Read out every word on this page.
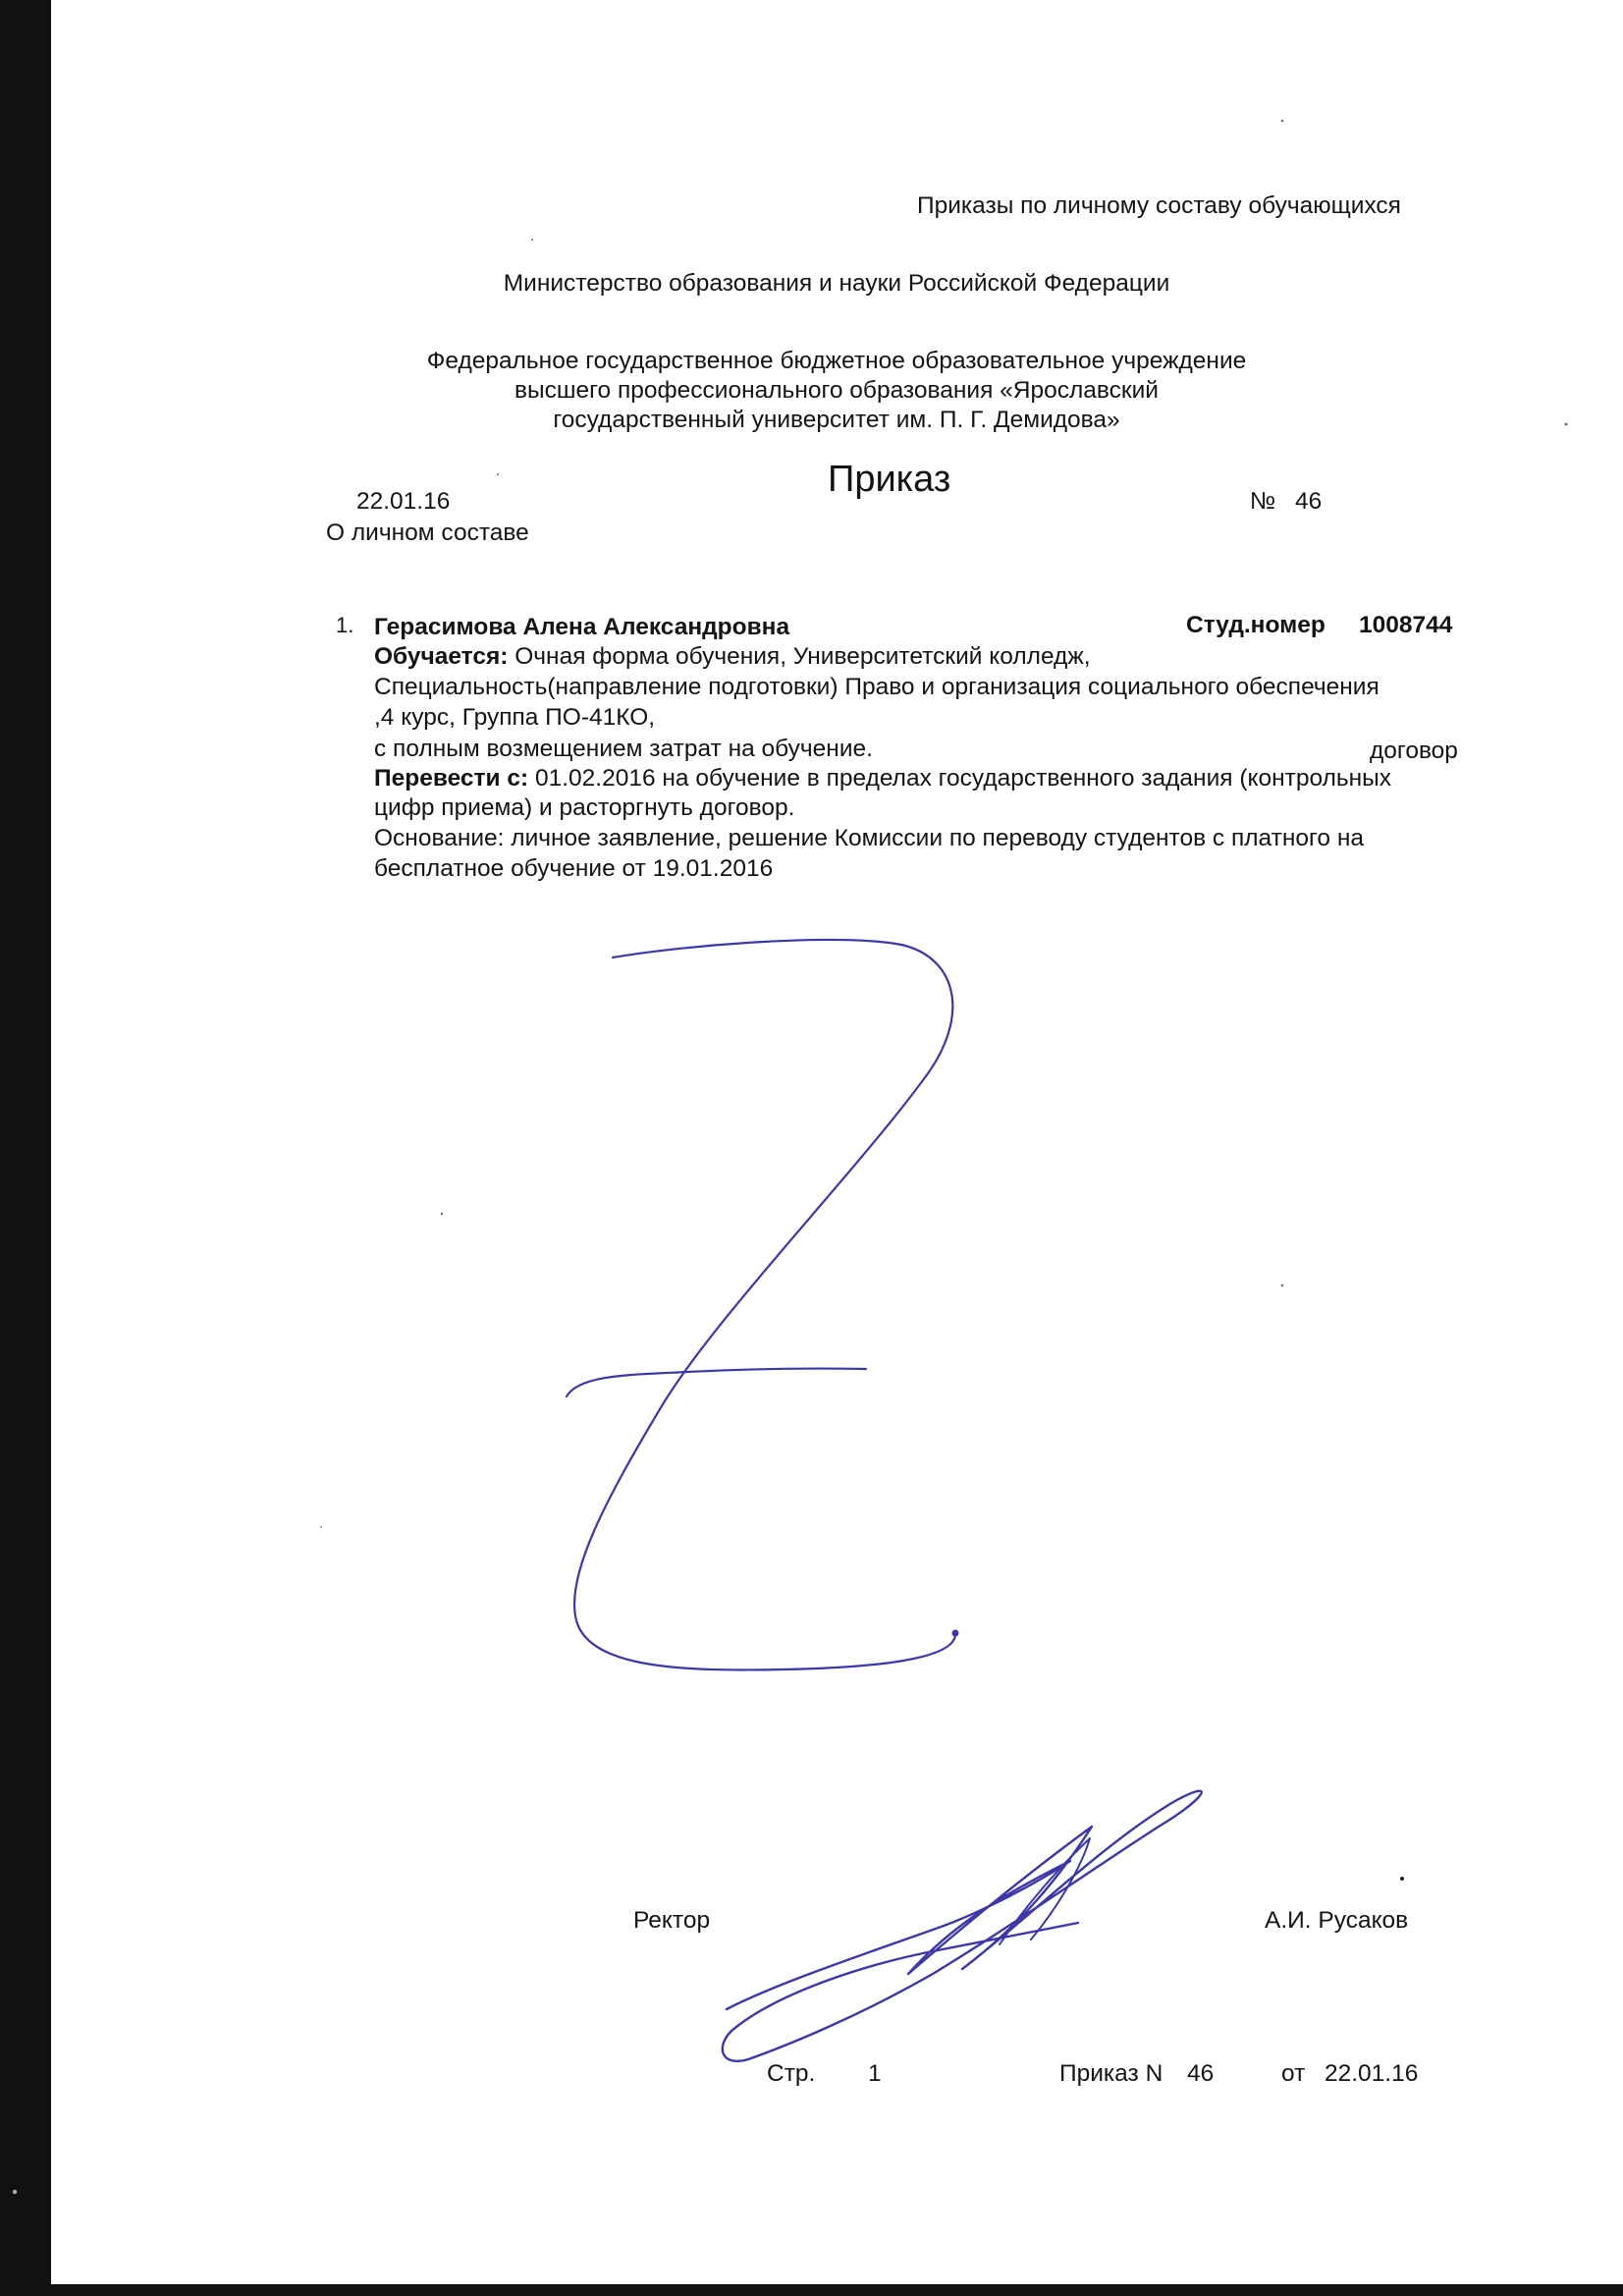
Приказы по личному составу обучающихся
Министерство образования и науки Российской Федерации
Федеральное государственное бюджетное образовательное учреждение
высшего профессионального образования «Ярославский
государственный университет им. П. Г. Демидова»
Приказ
22.01.16	№ 46
О личном составе
1. Герасимова Алена Александровна	Студ.номер 1008744
Обучается: Очная форма обучения, Университетский колледж,
Специальность(направление подготовки) Право и организация социального обеспечения
,4 курс, Группа ПО-41КО,
с полным возмещением затрат на обучение.	договор
Перевести с: 01.02.2016 на обучение в пределах государственного задания (контрольных
цифр приема) и расторгнуть договор.
Основание: личное заявление, решение Комиссии по переводу студентов с платного на
бесплатное обучение от 19.01.2016
Ректор	А.И. Русаков
Стр. 1	Приказ N 46	от 22.01.16
